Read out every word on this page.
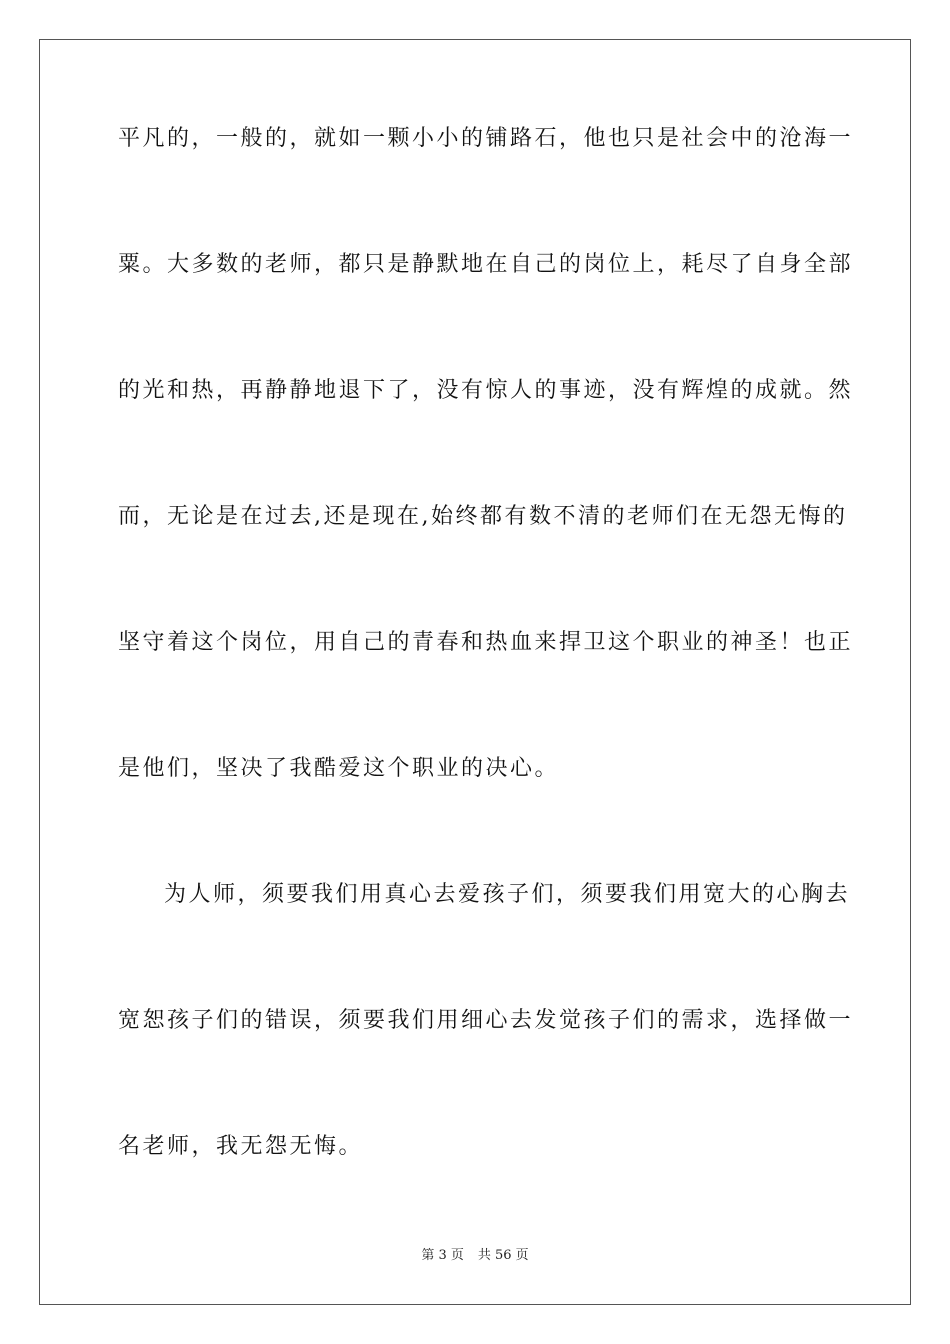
平凡的，一般的，就如一颗小小的铺路石，他也只是社会中的沧海一
粟。大多数的老师，都只是静默地在自己的岗位上，耗尽了自身全部
的光和热，再静静地退下了，没有惊人的事迹，没有辉煌的成就。然
而，无论是在过去,还是现在,始终都有数不清的老师们在无怨无悔的
坚守着这个岗位，用自己的青春和热血来捍卫这个职业的神圣！也正
是他们，坚决了我酷爱这个职业的决心。
为人师，须要我们用真心去爱孩子们，须要我们用宽大的心胸去
宽恕孩子们的错误，须要我们用细心去发觉孩子们的需求，选择做一
名老师，我无怨无悔。
第 3 页 共 56 页
